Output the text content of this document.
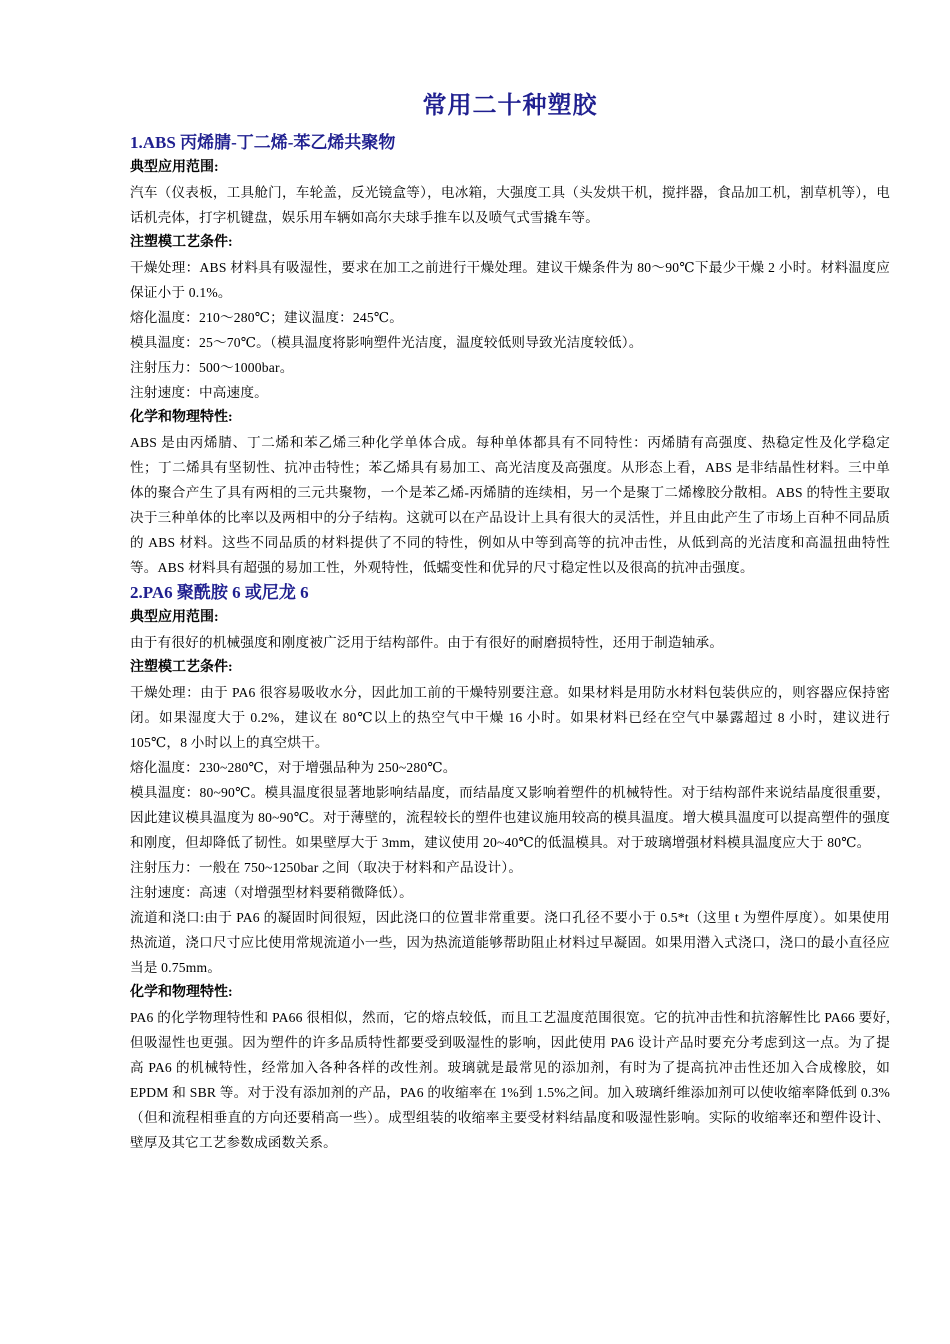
常用二十种塑胶
1.ABS 丙烯腈-丁二烯-苯乙烯共聚物
典型应用范围:

汽车（仪表板，工具舱门，车轮盖，反光镜盒等），电冰箱，大强度工具（头发烘干机，搅拌器，食品加工机，割草机等），电话机壳体，打字机键盘，娱乐用车辆如高尔夫球手推车以及喷气式雪撬车等。

注塑模工艺条件:

干燥处理：ABS 材料具有吸湿性，要求在加工之前进行干燥处理。建议干燥条件为 80～90℃下最少干燥 2 小时。材料温度应保证小于 0.1%。

熔化温度：210～280℃；建议温度：245℃。

模具温度：25～70℃。（模具温度将影响塑件光洁度，温度较低则导致光洁度较低）。

注射压力：500～1000bar。

注射速度：中高速度。

化学和物理特性:

ABS 是由丙烯腈、丁二烯和苯乙烯三种化学单体合成。每种单体都具有不同特性：丙烯腈有高强度、热稳定性及化学稳定性；丁二烯具有坚韧性、抗冲击特性；苯乙烯具有易加工、高光洁度及高强度。从形态上看，ABS 是非结晶性材料。三中单体的聚合产生了具有两相的三元共聚物，一个是苯乙烯-丙烯腈的连续相，另一个是聚丁二烯橡胶分散相。ABS 的特性主要取决于三种单体的比率以及两相中的分子结构。这就可以在产品设计上具有很大的灵活性，并且由此产生了市场上百种不同品质的 ABS 材料。这些不同品质的材料提供了不同的特性，例如从中等到高等的抗冲击性，从低到高的光洁度和高温扭曲特性等。ABS 材料具有超强的易加工性，外观特性，低蠕变性和优异的尺寸稳定性以及很高的抗冲击强度。

2.PA6 聚酰胺 6 或尼龙 6
典型应用范围:

由于有很好的机械强度和刚度被广泛用于结构部件。由于有很好的耐磨损特性，还用于制造轴承。

注塑模工艺条件:

干燥处理：由于 PA6 很容易吸收水分，因此加工前的干燥特别要注意。如果材料是用防水材料包装供应的，则容器应保持密闭。如果湿度大于 0.2%，建议在 80℃以上的热空气中干燥 16 小时。如果材料已经在空气中暴露超过 8 小时，建议进行 105℃，8 小时以上的真空烘干。

熔化温度：230~280℃，对于增强品种为 250~280℃。

模具温度：80~90℃。模具温度很显著地影响结晶度，而结晶度又影响着塑件的机械特性。对于结构部件来说结晶度很重要，因此建议模具温度为 80~90℃。对于薄壁的，流程较长的塑件也建议施用较高的模具温度。增大模具温度可以提高塑件的强度和刚度，但却降低了韧性。如果壁厚大于 3mm，建议使用 20~40℃的低温模具。对于玻璃增强材料模具温度应大于 80℃。

注射压力：一般在 750~1250bar 之间（取决于材料和产品设计）。

注射速度：高速（对增强型材料要稍微降低）。

流道和浇口:由于 PA6 的凝固时间很短，因此浇口的位置非常重要。浇口孔径不要小于 0.5*t（这里 t 为塑件厚度）。如果使用热流道，浇口尺寸应比使用常规流道小一些，因为热流道能够帮助阻止材料过早凝固。如果用潜入式浇口，浇口的最小直径应当是 0.75mm。

化学和物理特性:

PA6 的化学物理特性和 PA66 很相似，然而，它的熔点较低，而且工艺温度范围很宽。它的抗冲击性和抗溶解性比 PA66 要好,但吸湿性也更强。因为塑件的许多品质特性都要受到吸湿性的影响，因此使用 PA6 设计产品时要充分考虑到这一点。为了提高 PA6 的机械特性，经常加入各种各样的改性剂。玻璃就是最常见的添加剂，有时为了提高抗冲击性还加入合成橡胶，如 EPDM 和 SBR 等。对于没有添加剂的产品，PA6 的收缩率在 1%到 1.5%之间。加入玻璃纤维添加剂可以使收缩率降低到 0.3%（但和流程相垂直的方向还要稍高一些）。成型组装的收缩率主要受材料结晶度和吸湿性影响。实际的收缩率还和塑件设计、壁厚及其它工艺参数成函数关系。
